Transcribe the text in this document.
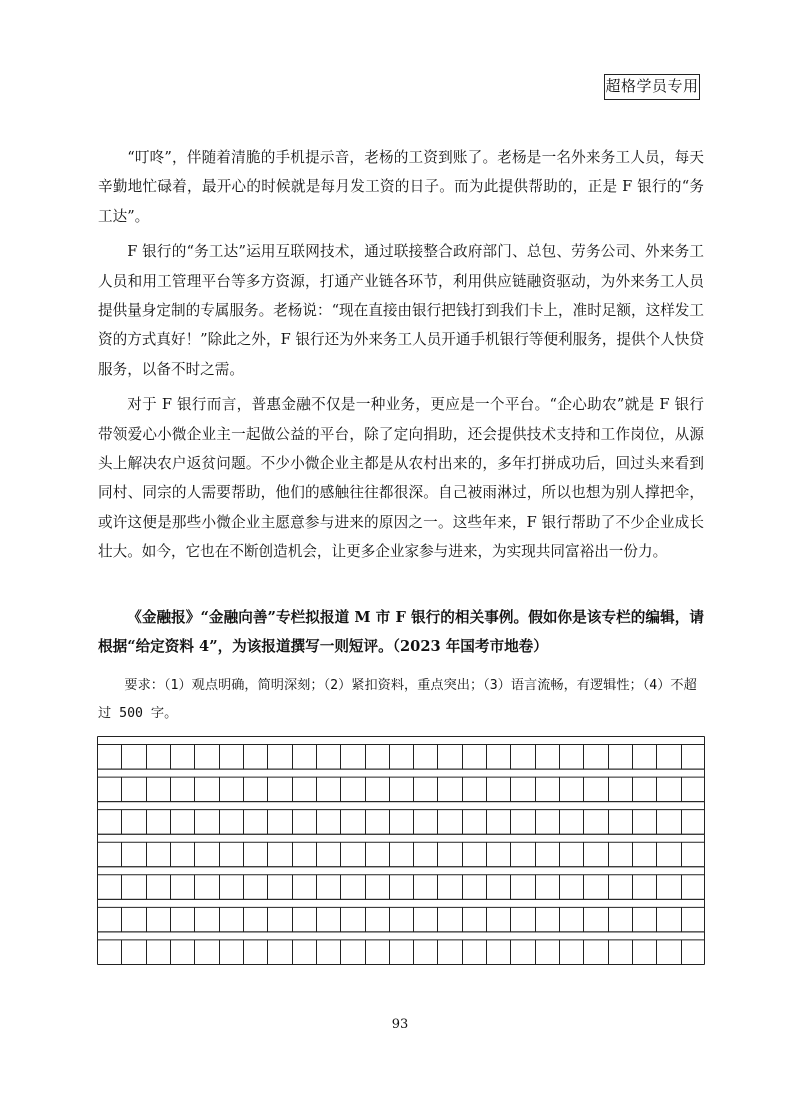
超格学员专用

“叮咚”，伴随着清脆的手机提示音，老杨的工资到账了。老杨是一名外来务工人员，每天辛勤地忙碌着，最开心的时候就是每月发工资的日子。而为此提供帮助的，正是 F 银行的“务工达”。

F 银行的“务工达”运用互联网技术，通过联接整合政府部门、总包、劳务公司、外来务工人员和用工管理平台等多方资源，打通产业链各环节，利用供应链融资驱动，为外来务工人员提供量身定制的专属服务。老杨说：“现在直接由银行把钱打到我们卡上，准时足额，这样发工资的方式真好！”除此之外，F 银行还为外来务工人员开通手机银行等便利服务，提供个人快贷服务，以备不时之需。

对于 F 银行而言，普惠金融不仅是一种业务，更应是一个平台。“企心助农”就是 F 银行带领爱心小微企业主一起做公益的平台，除了定向捐助，还会提供技术支持和工作岗位，从源头上解决农户返贫问题。不少小微企业主都是从农村出来的，多年打拼成功后，回过头来看到同村、同宗的人需要帮助，他们的感触往往都很深。自己被雨淋过，所以也想为别人撑把伞，或许这便是那些小微企业主愿意参与进来的原因之一。这些年来，F 银行帮助了不少企业成长壮大。如今，它也在不断创造机会，让更多企业家参与进来，为实现共同富裕出一份力。

《金融报》“金融向善”专栏拟报道 M 市 F 银行的相关事例。假如你是该专栏的编辑，请根据“给定资料 4”，为该报道撰写一则短评。（2023 年国考市地卷）

要求：（1）观点明确，简明深刻；（2）紧扣资料，重点突出；（3）语言流畅，有逻辑性；（4）不超过 500 字。

93
